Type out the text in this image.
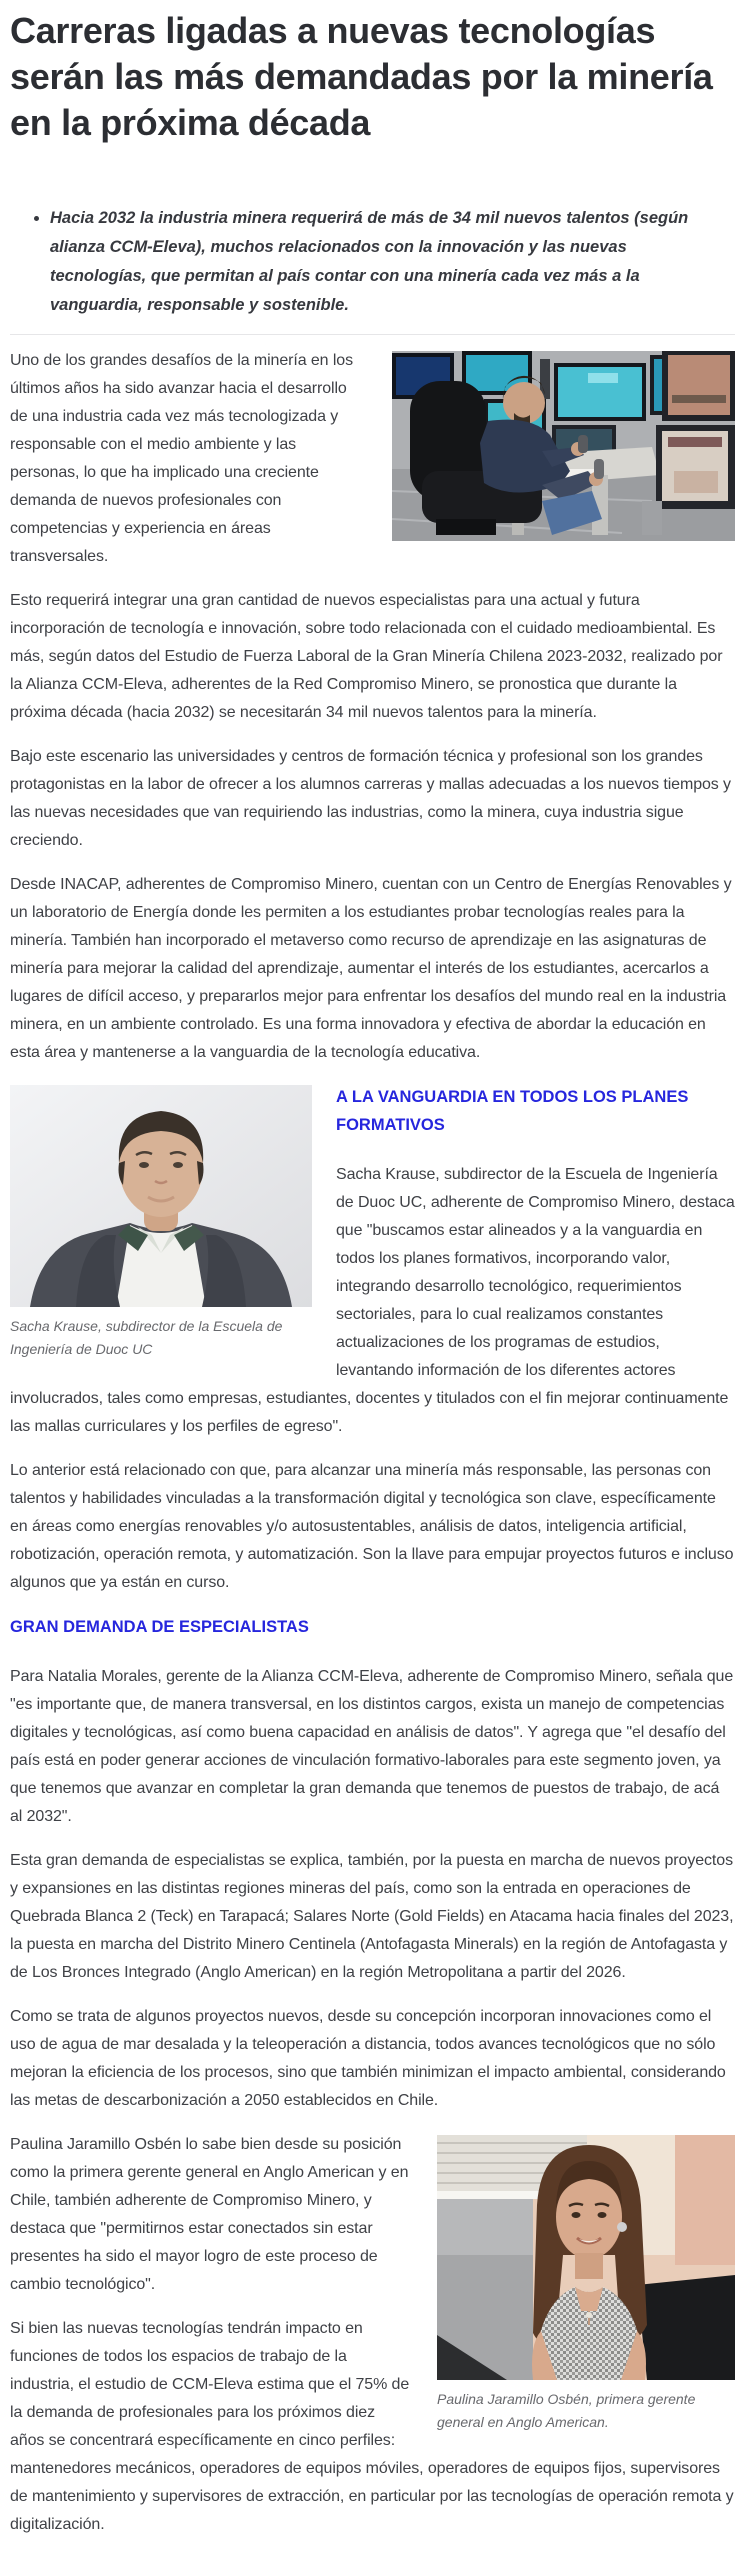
Carreras ligadas a nuevas tecnologías serán las más demandadas por la minería en la próxima década
• Hacia 2032 la industria minera requerirá de más de 34 mil nuevos talentos (según alianza CCM-Eleva), muchos relacionados con la innovación y las nuevas tecnologías, que permitan al país contar con una minería cada vez más a la vanguardia, responsable y sostenible.

Uno de los grandes desafíos de la minería en los últimos años ha sido avanzar hacia el desarrollo de una industria cada vez más tecnologizada y responsable con el medio ambiente y las personas, lo que ha implicado una creciente demanda de nuevos profesionales con competencias y experiencia en áreas transversales.

Esto requerirá integrar una gran cantidad de nuevos especialistas para una actual y futura incorporación de tecnología e innovación, sobre todo relacionada con el cuidado medioambiental. Es más, según datos del Estudio de Fuerza Laboral de la Gran Minería Chilena 2023-2032, realizado por la Alianza CCM-Eleva, adherentes de la Red Compromiso Minero, se pronostica que durante la próxima década (hacia 2032) se necesitarán 34 mil nuevos talentos para la minería.

Bajo este escenario las universidades y centros de formación técnica y profesional son los grandes protagonistas en la labor de ofrecer a los alumnos carreras y mallas adecuadas a los nuevos tiempos y las nuevas necesidades que van requiriendo las industrias, como la minera, cuya industria sigue creciendo.

Desde INACAP, adherentes de Compromiso Minero, cuentan con un Centro de Energías Renovables y un laboratorio de Energía donde les permiten a los estudiantes probar tecnologías reales para la minería. También han incorporado el metaverso como recurso de aprendizaje en las asignaturas de minería para mejorar la calidad del aprendizaje, aumentar el interés de los estudiantes, acercarlos a lugares de difícil acceso, y prepararlos mejor para enfrentar los desafíos del mundo real en la industria minera, en un ambiente controlado. Es una forma innovadora y efectiva de abordar la educación en esta área y mantenerse a la vanguardia de la tecnología educativa.

Sacha Krause, subdirector de la Escuela de Ingeniería de Duoc UC
A LA VANGUARDIA EN TODOS LOS PLANES FORMATIVOS

Sacha Krause, subdirector de la Escuela de Ingeniería de Duoc UC, adherente de Compromiso Minero, destaca que "buscamos estar alineados y a la vanguardia en todos los planes formativos, incorporando valor, integrando desarrollo tecnológico, requerimientos sectoriales, para lo cual realizamos constantes actualizaciones de los programas de estudios, levantando información de los diferentes actores involucrados, tales como empresas, estudiantes, docentes y titulados con el fin mejorar continuamente las mallas curriculares y los perfiles de egreso".

Lo anterior está relacionado con que, para alcanzar una minería más responsable, las personas con talentos y habilidades vinculadas a la transformación digital y tecnológica son clave, específicamente en áreas como energías renovables y/o autosustentables, análisis de datos, inteligencia artificial, robotización, operación remota, y automatización. Son la llave para empujar proyectos futuros e incluso algunos que ya están en curso.

GRAN DEMANDA DE ESPECIALISTAS

Para Natalia Morales, gerente de la Alianza CCM-Eleva, adherente de Compromiso Minero, señala que "es importante que, de manera transversal, en los distintos cargos, exista un manejo de competencias digitales y tecnológicas, así como buena capacidad en análisis de datos". Y agrega que "el desafío del país está en poder generar acciones de vinculación formativo-laborales para este segmento joven, ya que tenemos que avanzar en completar la gran demanda que tenemos de puestos de trabajo, de acá al 2032".

Esta gran demanda de especialistas se explica, también, por la puesta en marcha de nuevos proyectos y expansiones en las distintas regiones mineras del país, como son la entrada en operaciones de Quebrada Blanca 2 (Teck) en Tarapacá; Salares Norte (Gold Fields) en Atacama hacia finales del 2023, la puesta en marcha del Distrito Minero Centinela (Antofagasta Minerals) en la región de Antofagasta y de Los Bronces Integrado (Anglo American) en la región Metropolitana a partir del 2026.

Como se trata de algunos proyectos nuevos, desde su concepción incorporan innovaciones como el uso de agua de mar desalada y la teleoperación a distancia, todos avances tecnológicos que no sólo mejoran la eficiencia de los procesos, sino que también minimizan el impacto ambiental, considerando las metas de descarbonización a 2050 establecidos en Chile.

Paulina Jaramillo Osbén, primera gerente general en Anglo American.

Paulina Jaramillo Osbén lo sabe bien desde su posición como la primera gerente general en Anglo American y en Chile, también adherente de Compromiso Minero, y destaca que "permitirnos estar conectados sin estar presentes ha sido el mayor logro de este proceso de cambio tecnológico".

Si bien las nuevas tecnologías tendrán impacto en funciones de todos los espacios de trabajo de la industria, el estudio de CCM-Eleva estima que el 75% de la demanda de profesionales para los próximos diez años se concentrará específicamente en cinco perfiles: mantenedores mecánicos, operadores de equipos móviles, operadores de equipos fijos, supervisores de mantenimiento y supervisores de extracción, en particular por las tecnologías de operación remota y digitalización.
